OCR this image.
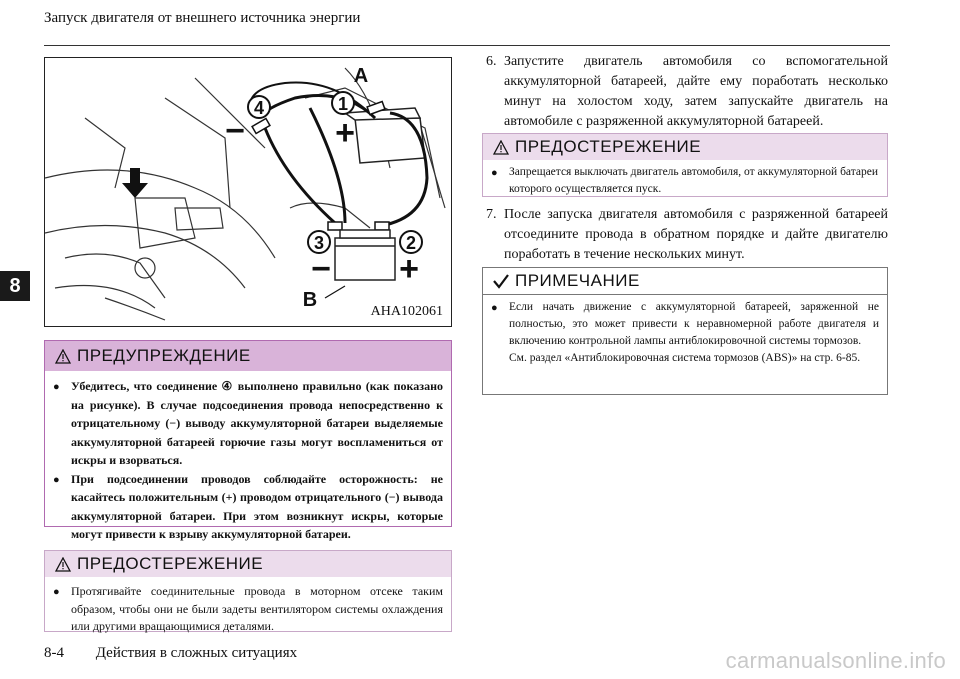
Запуск двигателя от внешнего источника энергии
8
4	1
3	2
A
B
−	+
− +
AHA102061
ПРЕДУПРЕЖДЕНИЕ
● Убедитесь, что соединение ④ выполнено правильно (как показано на рисунке). В случае подсоединения провода непосредственно к отрицательному (−) выводу аккумуляторной батареи выделяемые аккумуляторной батареей горючие газы могут воспламениться от искры и взорваться.
● При подсоединении проводов соблюдайте осторожность: не касайтесь положительным (+) проводом отрицательного (−) вывода аккумуляторной батареи. При этом возникнут искры, которые могут привести к взрыву аккумуляторной батареи.
ПРЕДОСТЕРЕЖЕНИЕ
● Протягивайте соединительные провода в моторном отсеке таким образом, чтобы они не были задеты вентилятором системы охлаждения или другими вращающимися деталями.
6. Запустите двигатель автомобиля со вспомогательной аккумуляторной батареей, дайте ему поработать несколько минут на холостом ходу, затем запускайте двигатель на автомобиле с разряженной аккумуляторной батареей.
ПРЕДОСТЕРЕЖЕНИЕ
● Запрещается выключать двигатель автомобиля, от аккумуляторной батареи которого осуществляется пуск.
7. После запуска двигателя автомобиля с разряженной батареей отсоедините провода в обратном порядке и дайте двигателю поработать в течение нескольких минут.
ПРИМЕЧАНИЕ
● Если начать движение с аккумуляторной батареей, заряженной не полностью, это может привести к неравномерной работе двигателя и включению контрольной лампы антиблокировочной системы тормозов.
См. раздел «Антиблокировочная система тормозов (ABS)» на стр. 6-85.
8-4 Действия в сложных ситуациях	carmanualsonline.info
